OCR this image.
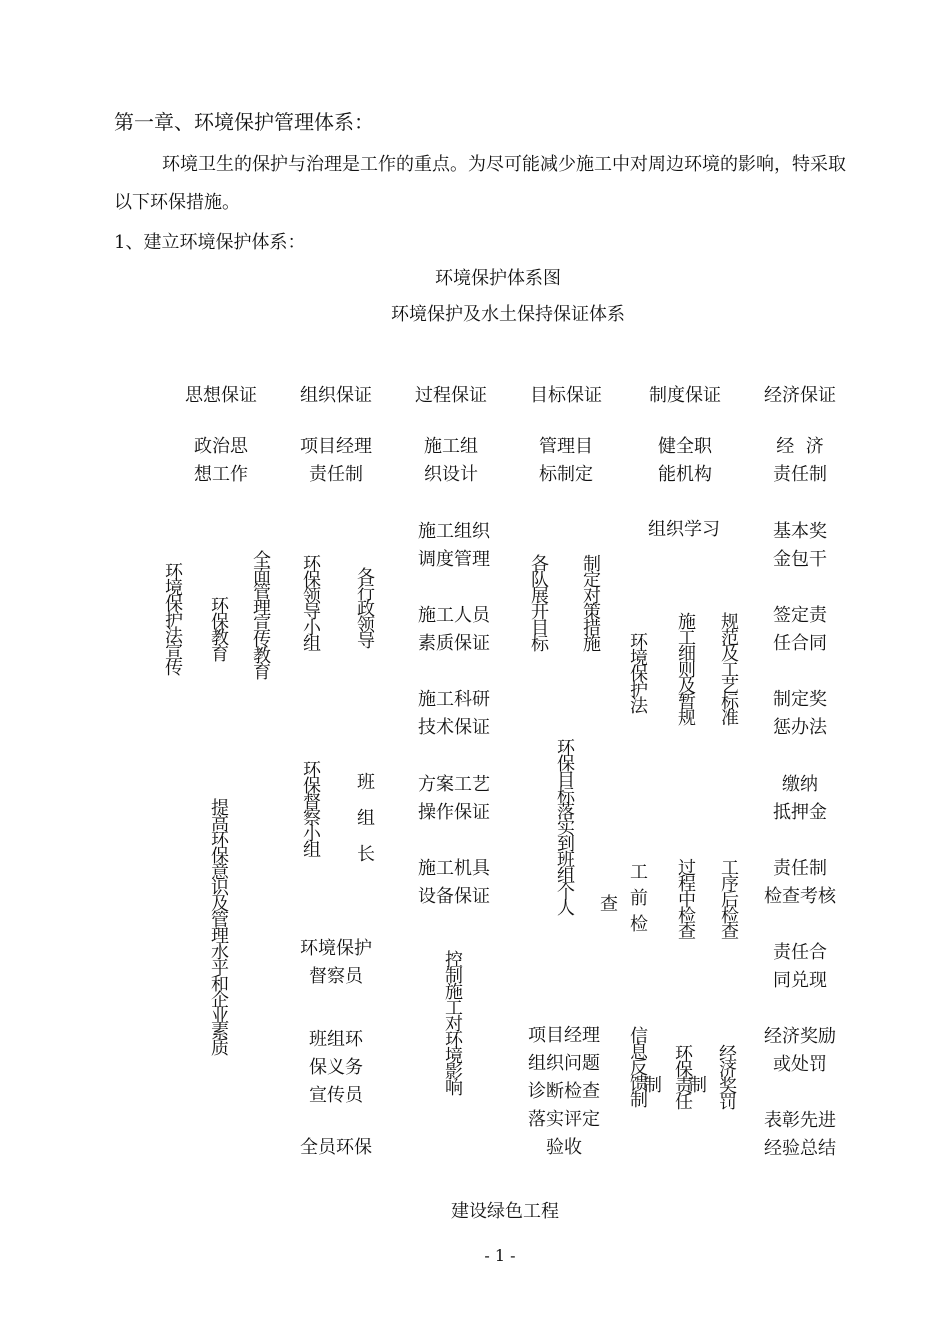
第一章、环境保护管理体系：
环境卫生的保护与治理是工作的重点。为尽可能减少施工中对周边环境的影响，特采取
以下环保措施。
1、建立环境保护体系：
环境保护体系图
环境保护及水土保持保证体系
思想保证	组织保证	过程保证	目标保证	制度保证	经济保证
政治思
想工作
项目经理
责任制
施工组
织设计
管理目
标制定
健全职
能机构
经  济
责任制
环境保护法宣传 环保教育 全面管理宣传教育
提高环保意识及管理水平和企业素质
环保领导小组 各行政领导
环保督察小组 班组长
环境保护
督察员
班组环
保义务
宣传员
全员环保
施工组织
调度管理
施工人员
素质保证
施工科研
技术保证
方案工艺
操作保证
施工机具
设备保证
控制施工对环境影响
各队展开目标 制定对策措施
环保目标落实到班组个人
项目经理
组织问题
诊断检查
落实评定
验收
组织学习
环境保护法 施工细则及暂规 规范及工艺标准
查 工前检 过程中检查 工序后检查
信息反馈制
制 环保责任
制 经济奖罚
基本奖
金包干
签定责
任合同
制定奖
惩办法
缴纳
抵押金
责任制
检查考核
责任合
同兑现
经济奖励
或处罚
表彰先进
经验总结
建设绿色工程
- 1 -
